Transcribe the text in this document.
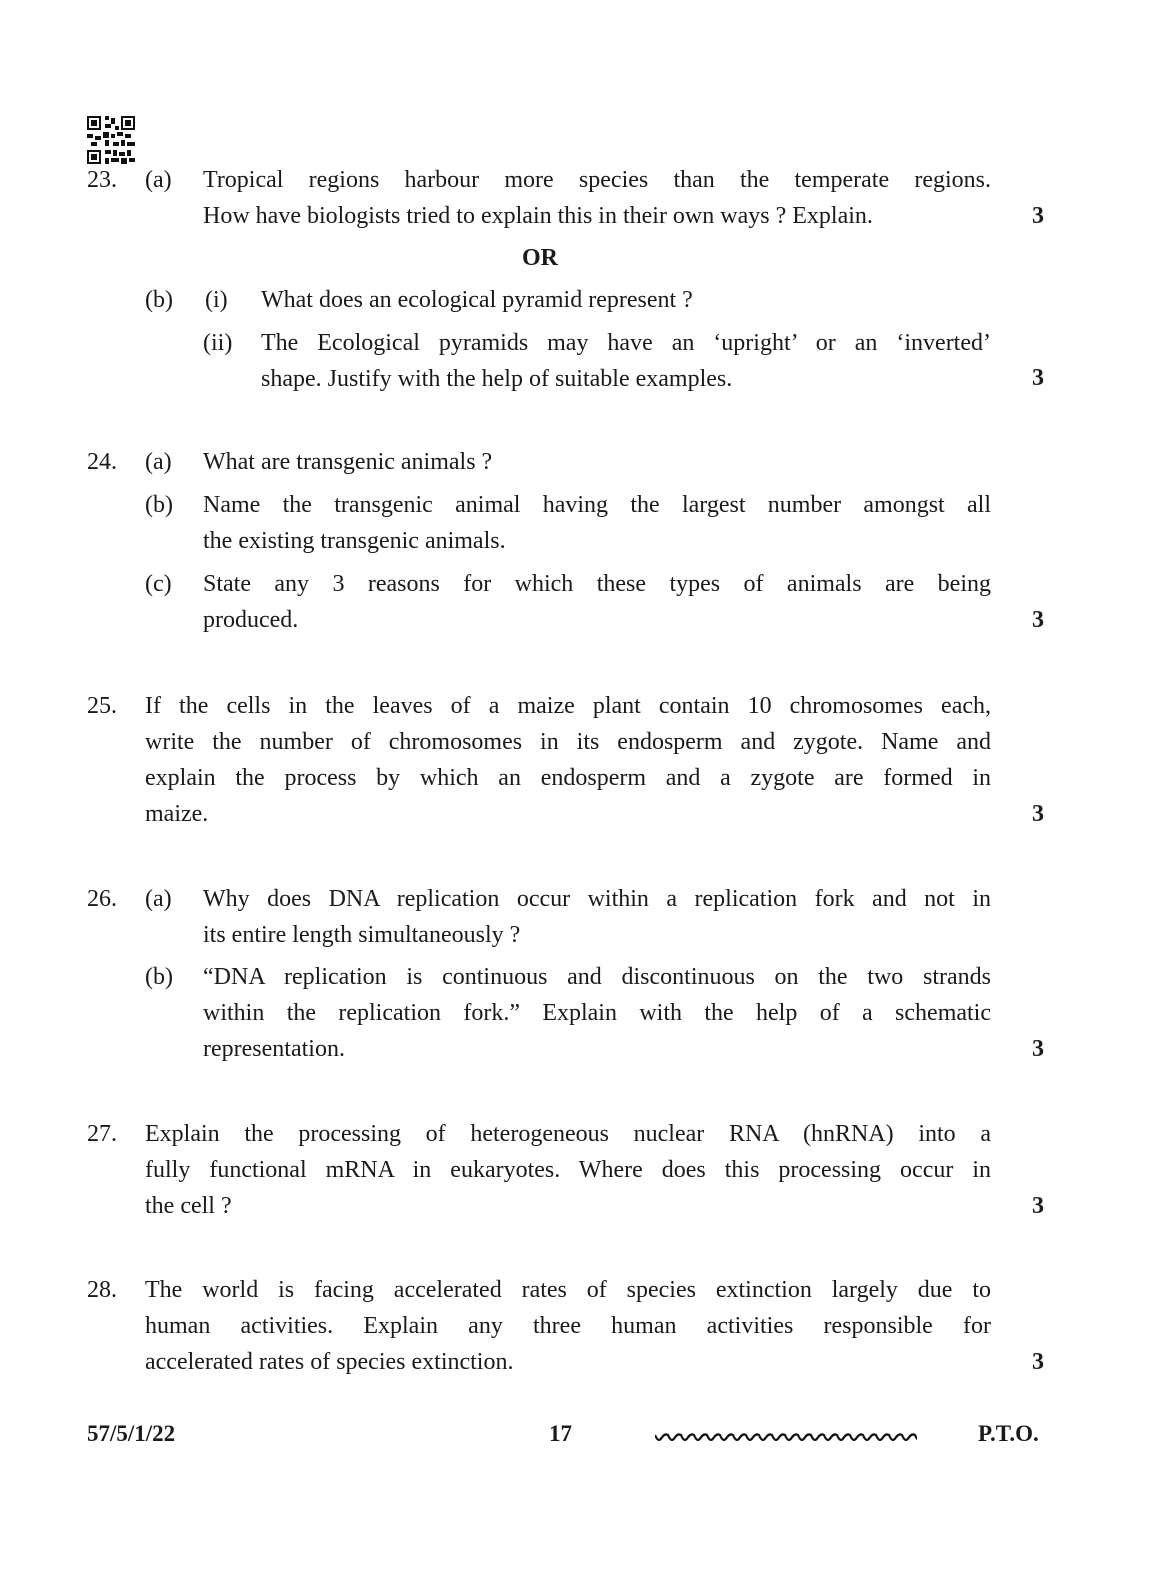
23. (a) Tropical regions harbour more species than the temperate regions.
How have biologists tried to explain this in their own ways ? Explain.	3
OR
(b) (i) What does an ecological pyramid represent ?
(ii) The Ecological pyramids may have an ‘upright’ or an ‘inverted’
shape. Justify with the help of suitable examples.	3
24. (a) What are transgenic animals ?
(b) Name the transgenic animal having the largest number amongst all
the existing transgenic animals.
(c) State any 3 reasons for which these types of animals are being
produced.	3
25. If the cells in the leaves of a maize plant contain 10 chromosomes each,
write the number of chromosomes in its endosperm and zygote. Name and
explain the process by which an endosperm and a zygote are formed in
maize.	3
26. (a) Why does DNA replication occur within a replication fork and not in
its entire length simultaneously ?
(b) “DNA replication is continuous and discontinuous on the two strands
within the replication fork.” Explain with the help of a schematic
representation.	3
27. Explain the processing of heterogeneous nuclear RNA (hnRNA) into a
fully functional mRNA in eukaryotes. Where does this processing occur in
the cell ?	3
28. The world is facing accelerated rates of species extinction largely due to
human activities. Explain any three human activities responsible for
accelerated rates of species extinction.	3
57/5/1/22	17	P.T.O.
